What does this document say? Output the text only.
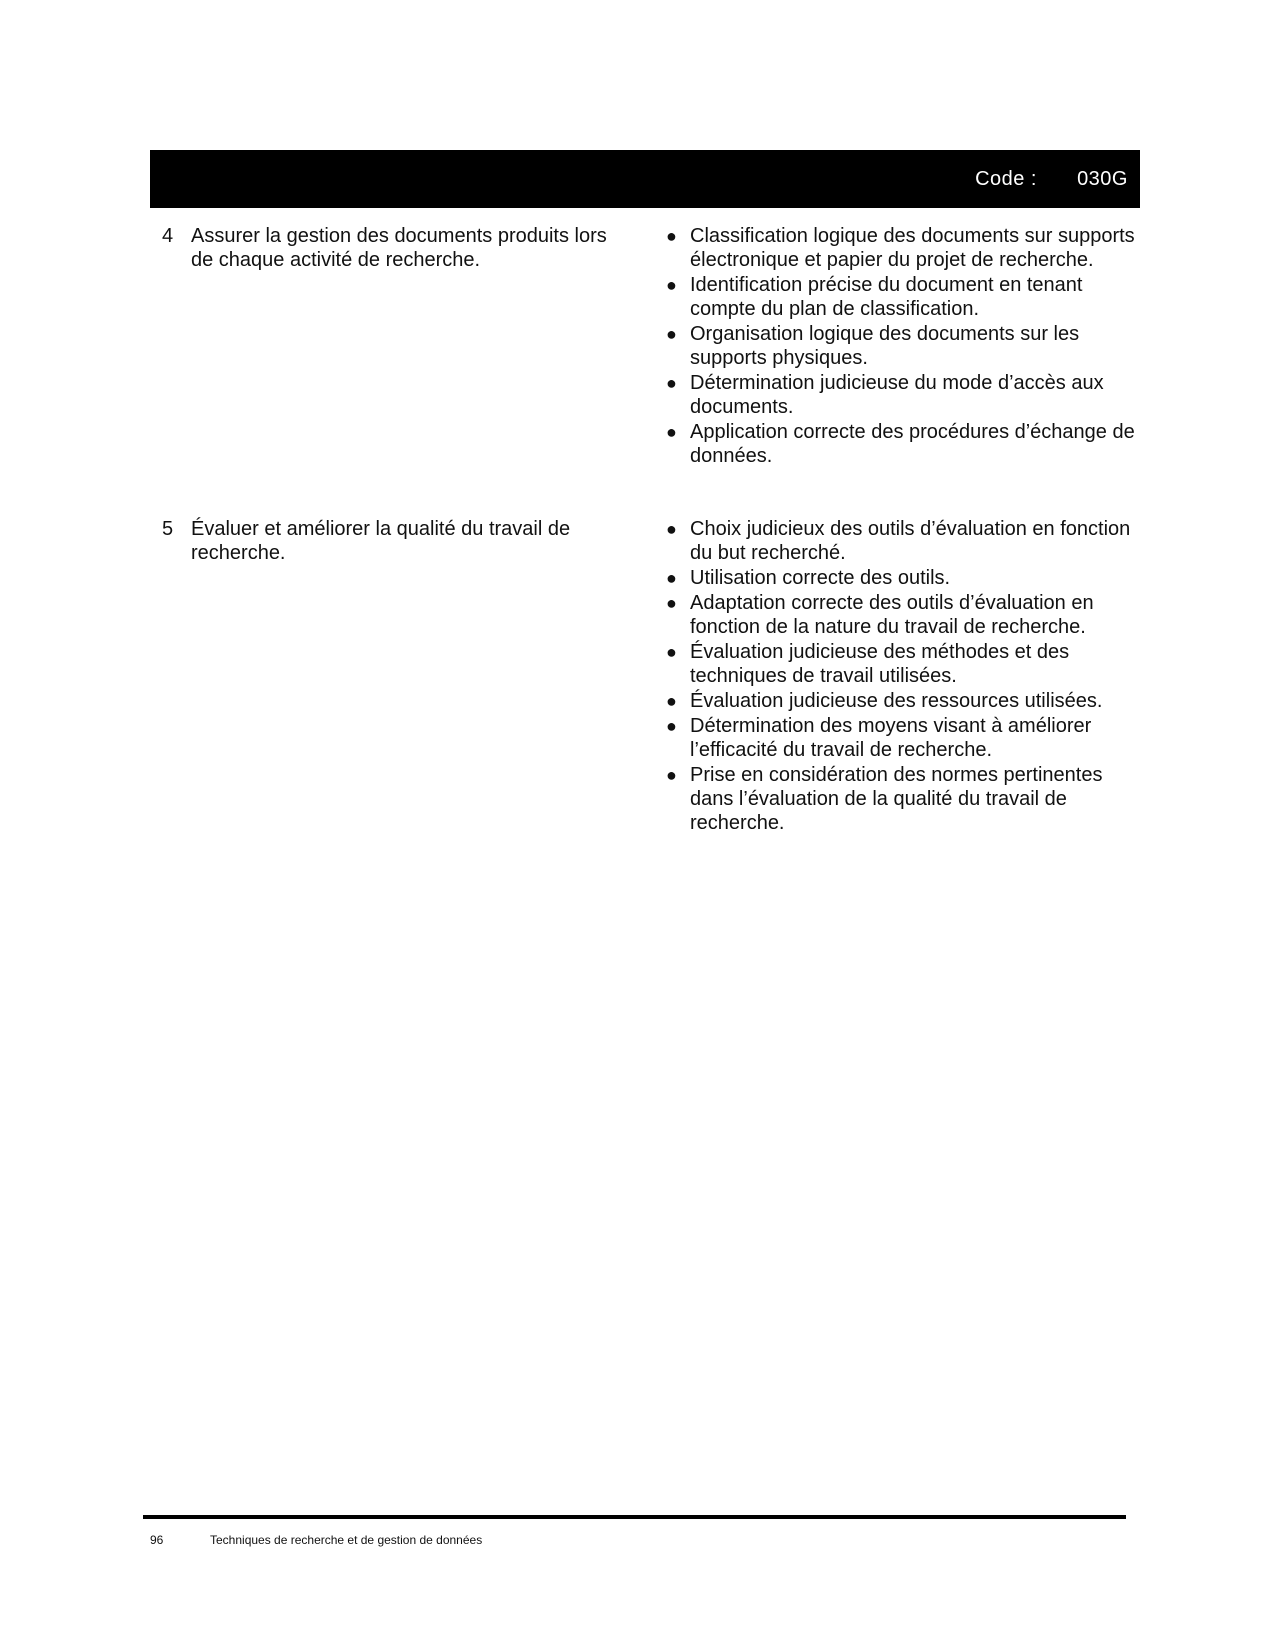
Code : 030G
4 Assurer la gestion des documents produits lors de chaque activité de recherche.
● Classification logique des documents sur supports électronique et papier du projet de recherche.
● Identification précise du document en tenant compte du plan de classification.
● Organisation logique des documents sur les supports physiques.
● Détermination judicieuse du mode d’accès aux documents.
● Application correcte des procédures d’échange de données.
5 Évaluer et améliorer la qualité du travail de recherche.
● Choix judicieux des outils d’évaluation en fonction du but recherché.
● Utilisation correcte des outils.
● Adaptation correcte des outils d’évaluation en fonction de la nature du travail de recherche.
● Évaluation judicieuse des méthodes et des techniques de travail utilisées.
● Évaluation judicieuse des ressources utilisées.
● Détermination des moyens visant à améliorer l’efficacité du travail de recherche.
● Prise en considération des normes pertinentes dans l’évaluation de la qualité du travail de recherche.
96	Techniques de recherche et de gestion de données
